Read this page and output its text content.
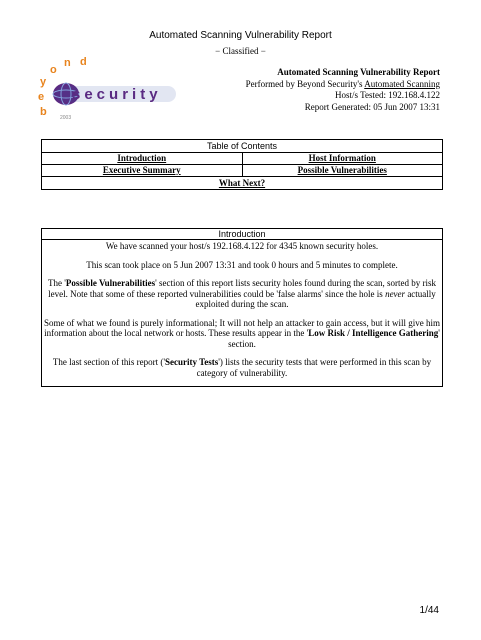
Automated Scanning Vulnerability Report
− Classified −
b
e
y
o
n d
security
2003
Automated Scanning Vulnerability Report
Performed by Beyond Security's Automated Scanning
Host/s Tested: 192.168.4.122
Report Generated: 05 Jun 2007 13:31
Table of Contents
Introduction	Host Information
Executive Summary	Possible Vulnerabilities
What Next?
Introduction

We have scanned your host/s 192.168.4.122 for 4345 known security holes.

This scan took place on 5 Jun 2007 13:31 and took 0 hours and 5 minutes to complete.

The 'Possible Vulnerabilities' section of this report lists security holes found during the scan, sorted by risk level. Note that some of these reported vulnerabilities could be 'false alarms' since the hole is never actually exploited during the scan.

Some of what we found is purely informational; It will not help an attacker to gain access, but it will give him information about the local network or hosts. These results appear in the 'Low Risk / Intelligence Gathering' section.

The last section of this report ('Security Tests') lists the security tests that were performed in this scan by category of vulnerability.

1/44
